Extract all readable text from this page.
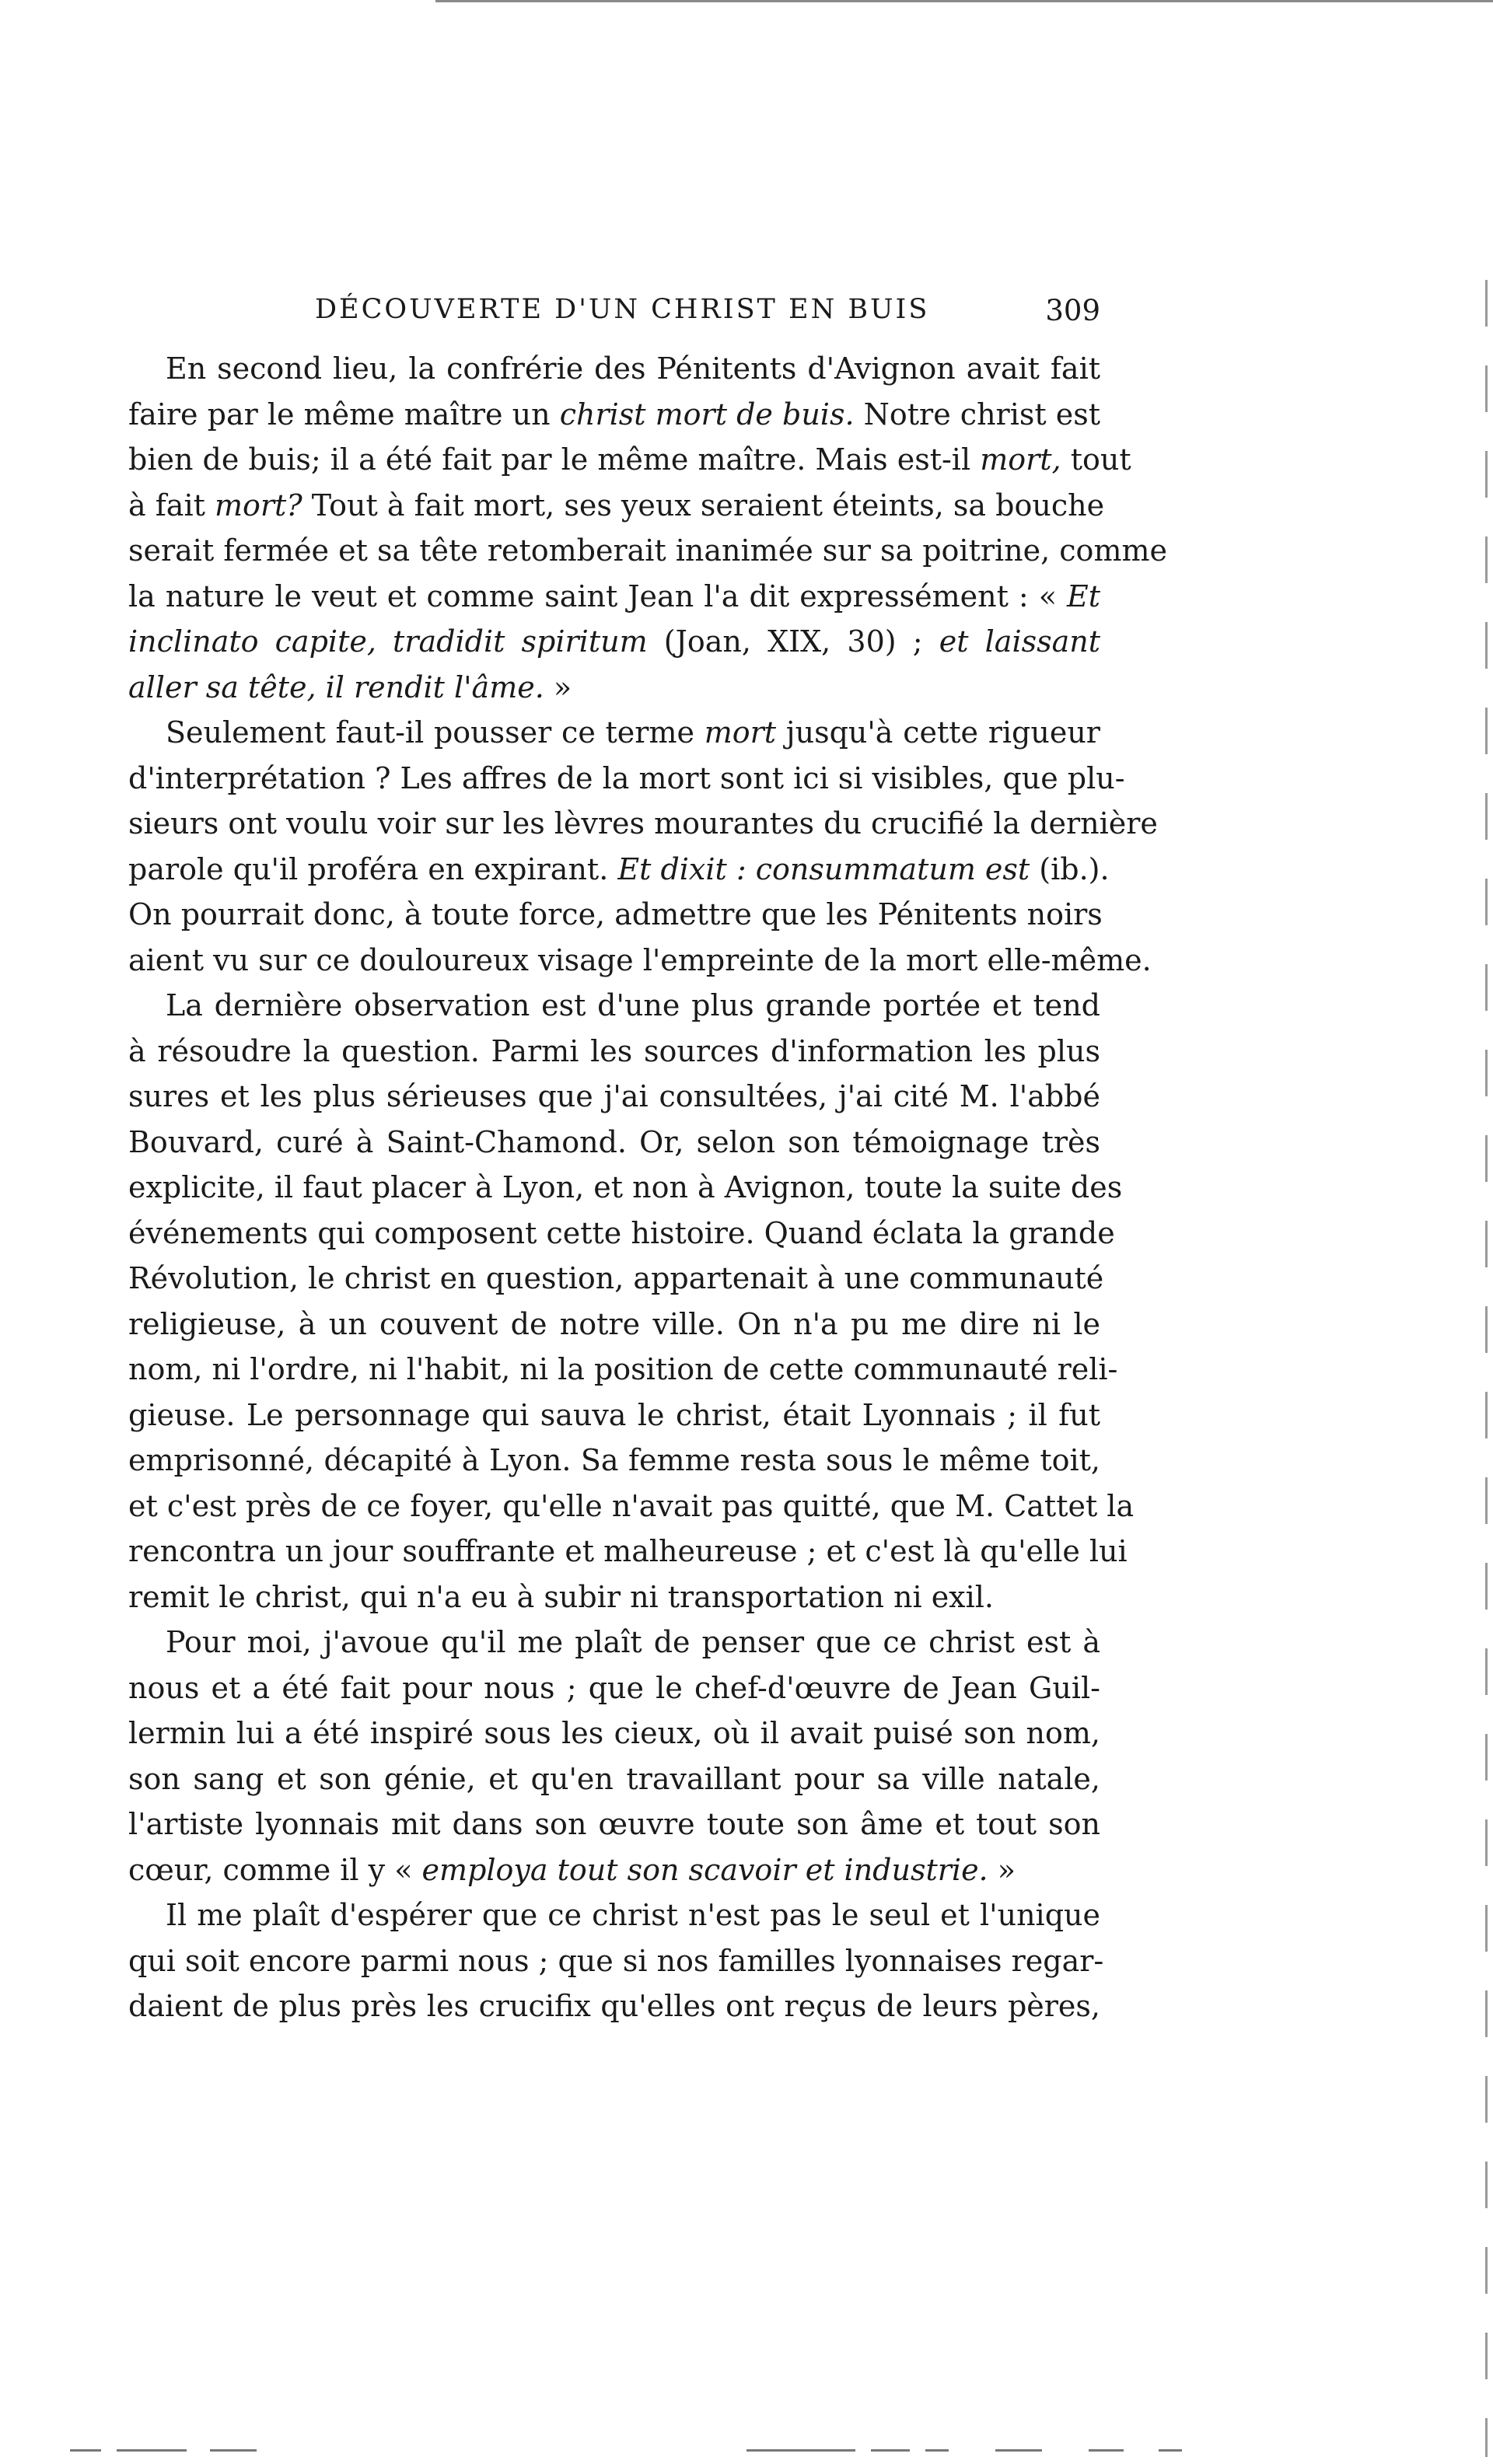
DÉCOUVERTE D'UN CHRIST EN BUIS	309
En second lieu, la confrérie des Pénitents d'Avignon avait fait
faire par le même maître un christ mort de buis. Notre christ est
bien de buis; il a été fait par le même maître. Mais est-il mort, tout
à fait mort? Tout à fait mort, ses yeux seraient éteints, sa bouche
serait fermée et sa tête retomberait inanimée sur sa poitrine, comme
la nature le veut et comme saint Jean l'a dit expressément : « Et
inclinato capite, tradidit spiritum (Joan, XIX, 30) ; et laissant
aller sa tête, il rendit l'âme. »
Seulement faut-il pousser ce terme mort jusqu'à cette rigueur
d'interprétation ? Les affres de la mort sont ici si visibles, que plu-
sieurs ont voulu voir sur les lèvres mourantes du crucifié la dernière
parole qu'il proféra en expirant. Et dixit : consummatum est (ib.).
On pourrait donc, à toute force, admettre que les Pénitents noirs
aient vu sur ce douloureux visage l'empreinte de la mort elle-même.
La dernière observation est d'une plus grande portée et tend
à résoudre la question. Parmi les sources d'information les plus
sures et les plus sérieuses que j'ai consultées, j'ai cité M. l'abbé
Bouvard, curé à Saint-Chamond. Or, selon son témoignage très
explicite, il faut placer à Lyon, et non à Avignon, toute la suite des
événements qui composent cette histoire. Quand éclata la grande
Révolution, le christ en question, appartenait à une communauté
religieuse, à un couvent de notre ville. On n'a pu me dire ni le
nom, ni l'ordre, ni l'habit, ni la position de cette communauté reli-
gieuse. Le personnage qui sauva le christ, était Lyonnais ; il fut
emprisonné, décapité à Lyon. Sa femme resta sous le même toit,
et c'est près de ce foyer, qu'elle n'avait pas quitté, que M. Cattet la
rencontra un jour souffrante et malheureuse ; et c'est là qu'elle lui
remit le christ, qui n'a eu à subir ni transportation ni exil.
Pour moi, j'avoue qu'il me plaît de penser que ce christ est à
nous et a été fait pour nous ; que le chef-d'œuvre de Jean Guil-
lermin lui a été inspiré sous les cieux, où il avait puisé son nom,
son sang et son génie, et qu'en travaillant pour sa ville natale,
l'artiste lyonnais mit dans son œuvre toute son âme et tout son
cœur, comme il y « employa tout son scavoir et industrie. »
Il me plaît d'espérer que ce christ n'est pas le seul et l'unique
qui soit encore parmi nous ; que si nos familles lyonnaises regar-
daient de plus près les crucifix qu'elles ont reçus de leurs pères,
